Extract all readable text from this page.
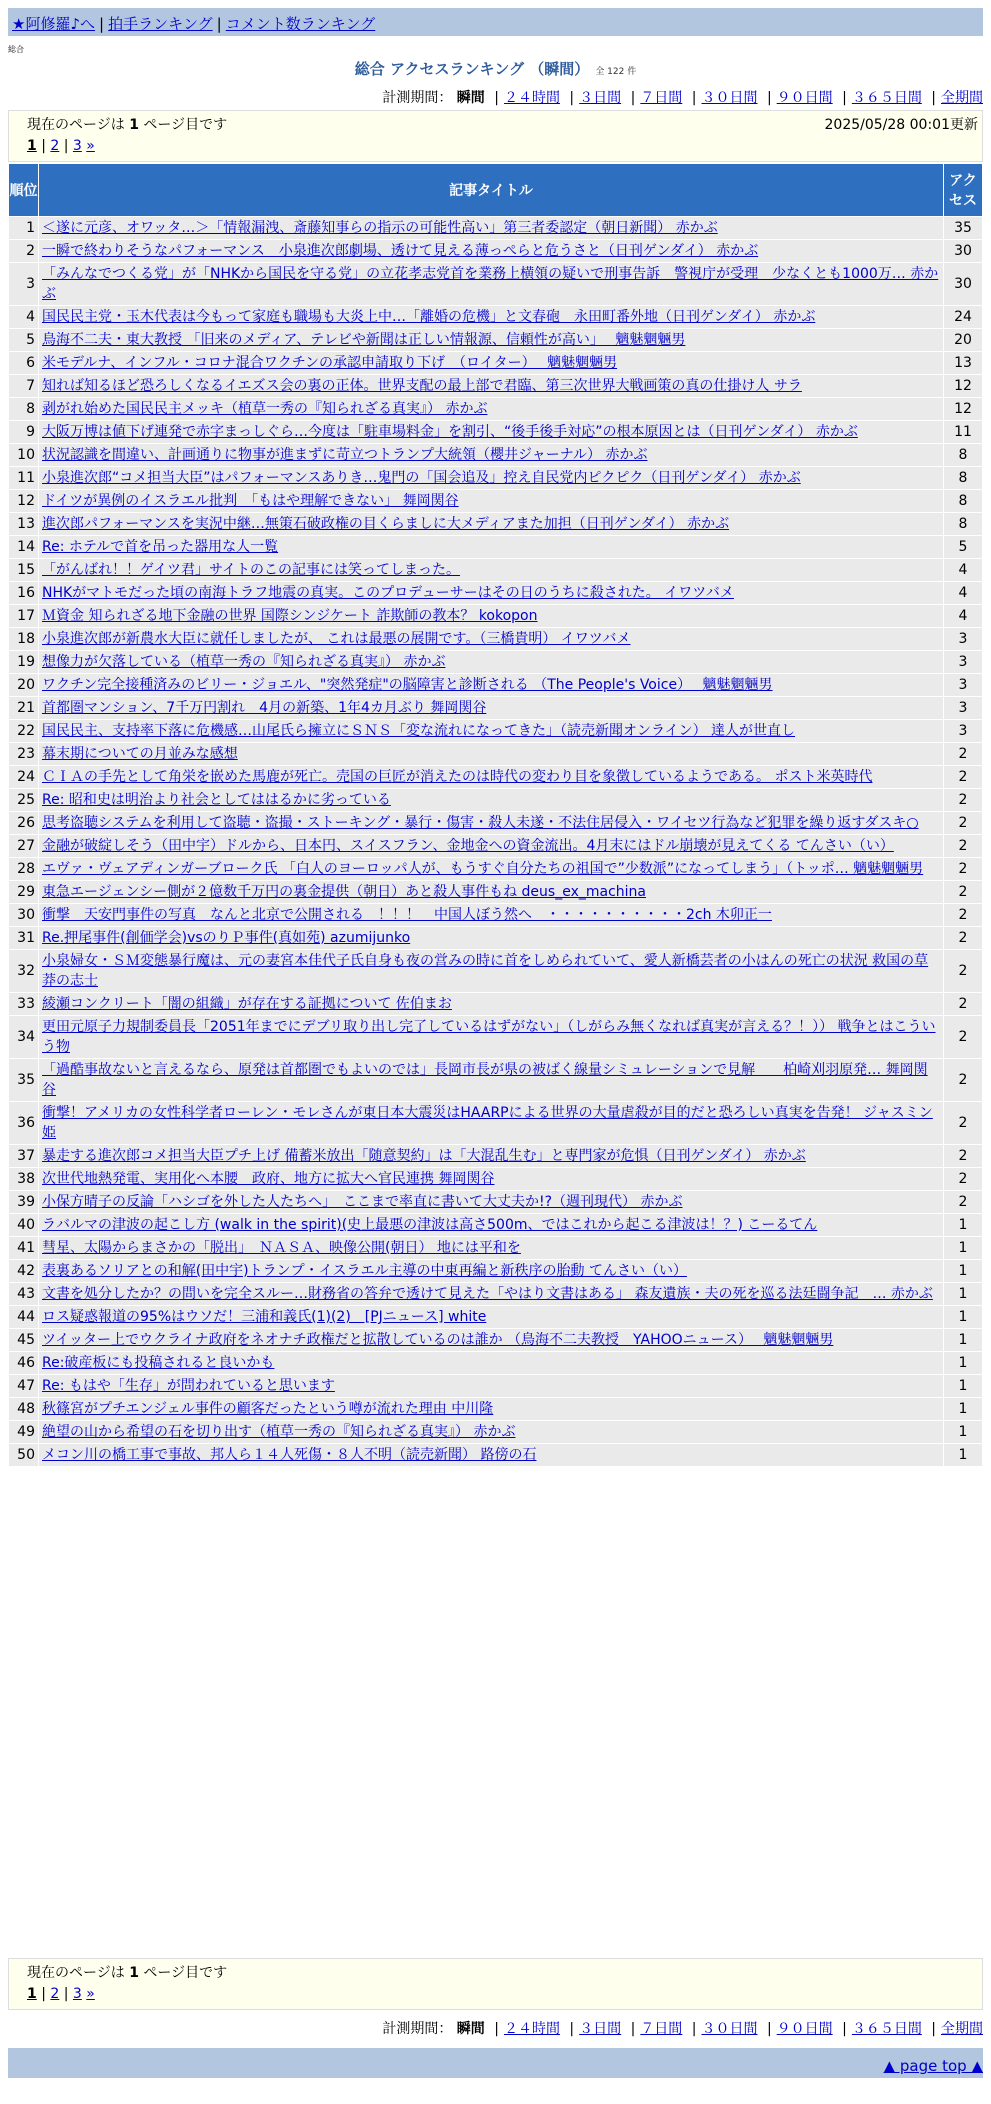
★阿修羅♪へ | 拍手ランキング | コメント数ランキング
総合
総合 アクセスランキング （瞬間） 全 122 件
計測期間： 瞬間 | ２４時間 | ３日間 | ７日間 | ３０日間 | ９０日間 | ３６５日間 | 全期間
現在のページは 1 ページ目です	2025/05/28 00:01更新
1 | 2 | 3 »
順位	記事タイトル	アクセス
1	＜遂に元彦、オワッタ…＞「情報漏洩、斎藤知事らの指示の可能性高い」第三者委認定（朝日新聞） 赤かぶ	35
2	一瞬で終わりそうなパフォーマンス　小泉進次郎劇場、透けて見える薄っぺらと危うさと（日刊ゲンダイ） 赤かぶ	30
3	「みんなでつくる党」が「NHKから国民を守る党」の立花孝志党首を業務上横領の疑いで刑事告訴　警視庁が受理　少なくとも1000万… 赤かぶ	30
4	国民民主党・玉木代表は今もって家庭も職場も大炎上中…「離婚の危機」と文春砲　永田町番外地（日刊ゲンダイ） 赤かぶ	24
5	鳥海不二夫・東大教授 「旧来のメディア、テレビや新聞は正しい情報源、信頼性が高い」　 魑魅魍魎男	20
6	米モデルナ、インフル・コロナ混合ワクチンの承認申請取り下げ　（ロイター）　 魑魅魍魎男	13
7	知れば知るほど恐ろしくなるイエズス会の裏の正体。世界支配の最上部で君臨、第三次世界大戦画策の真の仕掛け人 サラ	12
8	剥がれ始めた国民民主メッキ（植草一秀の『知られざる真実』） 赤かぶ	12
9	大阪万博は値下げ連発で赤字まっしぐら…今度は「駐車場料金」を割引、“後手後手対応”の根本原因とは（日刊ゲンダイ） 赤かぶ	11
10	状況認識を間違い、計画通りに物事が進まずに苛立つトランプ大統領（櫻井ジャーナル） 赤かぶ	8
11	小泉進次郎“コメ担当大臣”はパフォーマンスありき…鬼門の「国会追及」控え自民党内ピクピク（日刊ゲンダイ） 赤かぶ	8
12	ドイツが異例のイスラエル批判　「もはや理解できない」 舞岡関谷	8
13	進次郎パフォーマンスを実況中継…無策石破政権の目くらましに大メディアまた加担（日刊ゲンダイ） 赤かぶ	8
14	Re: ホテルで首を吊った器用な人一覧	5
15	「がんばれ！！ゲイツ君」サイトのこの記事には笑ってしまった。	4
16	NHKがマトモだった頃の南海トラフ地震の真実。このプロデューサーはその日のうちに殺された。 イワツバメ	4
17	Ｍ資金 知られざる地下金融の世界 国際シンジケート 詐欺師の教本？ kokopon	4
18	小泉進次郎が新農水大臣に就任しましたが、 これは最悪の展開です。（三橋貴明） イワツバメ	3
19	想像力が欠落している（植草一秀の『知られざる真実』） 赤かぶ	3
20	ワクチン完全接種済みのビリー・ジョエル、"突然発症"の脳障害と診断される （The People's Voice）　 魑魅魍魎男	3
21	首都圏マンション、7千万円割れ　4月の新築、1年4カ月ぶり 舞岡関谷	3
22	国民民主、支持率下落に危機感…山尾氏ら擁立にＳＮＳ「変な流れになってきた」（読売新聞オンライン） 達人が世直し	3
23	幕末期についての月並みな感想	2
24	ＣＩＡの手先として角栄を嵌めた馬鹿が死亡。売国の巨匠が消えたのは時代の変わり目を象徴しているようである。 ポスト米英時代	2
25	Re: 昭和史は明治より社会としてははるかに劣っている	2
26	思考盗聴システムを利用して盗聴・盗撮・ストーキング・暴行・傷害・殺人未遂・不法住居侵入・ワイセツ行為など犯罪を繰り返すダスキ○	2
27	金融が破綻しそう（田中宇）ドルから、日本円、スイスフラン、金地金への資金流出。4月末にはドル崩壊が見えてくる てんさい（い）	2
28	エヴァ・ヴェアディンガーブローク氏 「白人のヨーロッパ人が、もうすぐ自分たちの祖国で”少数派”になってしまう」（トッポ… 魑魅魍魎男	2
29	東急エージェンシー側が２億数千万円の裏金提供（朝日）あと殺人事件もね deus_ex_machina	2
30	衝撃　天安門事件の写真　なんと北京で公開される　！！！　中国人ぼう然へ　・・・・・・・・・・2ch 木卯正一	2
31	Re.押尾事件(創価学会)vsのりＰ事件(真如苑) azumijunko	2
32	小泉婦女・ＳＭ変態暴行魔は、元の妻宮本佳代子氏自身も夜の営みの時に首をしめられていて、愛人新橋芸者の小はんの死亡の状況 救国の草莽の志士	2
33	綾瀬コンクリート「闇の組織」が存在する証拠について 佐伯まお	2
34	更田元原子力規制委員長「2051年までにデブリ取り出し完了しているはずがない」（しがらみ無くなれば真実が言える？！）） 戦争とはこういう物	2
35	「過酷事故ないと言えるなら、原発は首都圏でもよいのでは」長岡市長が県の被ばく線量シミュレーションで見解　　柏崎刈羽原発… 舞岡関谷	2
36	衝撃！アメリカの女性科学者ローレン・モレさんが東日本大震災はHAARPによる世界の大量虐殺が目的だと恐ろしい真実を告発！ ジャスミン姫	2
37	暴走する進次郎コメ担当大臣プチ上げ 備蓄米放出「随意契約」は「大混乱生む」と専門家が危惧（日刊ゲンダイ） 赤かぶ	2
38	次世代地熱発電、実用化へ本腰　政府、地方に拡大へ官民連携 舞岡関谷	2
39	小保方晴子の反論「ハシゴを外した人たちへ」　ここまで率直に書いて大丈夫か!?（週刊現代） 赤かぶ	2
40	ラバルマの津波の起こし方 (walk in the spirit)(史上最悪の津波は高さ500m、ではこれから起こる津波は！？) こーるてん	1
41	彗星、太陽からまさかの「脱出」　ＮＡＳＡ、映像公開(朝日） 地には平和を	1
42	表裏あるソリアとの和解(田中宇)トランプ・イスラエル主導の中東再編と新秩序の胎動 てんさい（い）	1
43	文書を処分したか？の問いを完全スルー…財務省の答弁で透けて見えた「やはり文書はある」 森友遺族・夫の死を巡る法廷闘争記　… 赤かぶ	1
44	ロス疑惑報道の95%はウソだ！三浦和義氏(1)(2)　[PJニュース] white	1
45	ツイッター上でウクライナ政府をネオナチ政権だと拡散しているのは誰か （鳥海不二夫教授　YAHOOニュース）　 魑魅魍魎男	1
46	Re:破産板にも投稿されると良いかも	1
47	Re: もはや「生存」が問われていると思います	1
48	秋篠宮がプチエンジェル事件の顧客だったという噂が流れた理由 中川隆	1
49	絶望の山から希望の石を切り出す（植草一秀の『知られざる真実』） 赤かぶ	1
50	メコン川の橋工事で事故、邦人ら１４人死傷・８人不明（読売新聞） 路傍の石	1
現在のページは 1 ページ目です
1 | 2 | 3 »
計測期間： 瞬間 | ２４時間 | ３日間 | ７日間 | ３０日間 | ９０日間 | ３６５日間 | 全期間
▲ page top ▲
